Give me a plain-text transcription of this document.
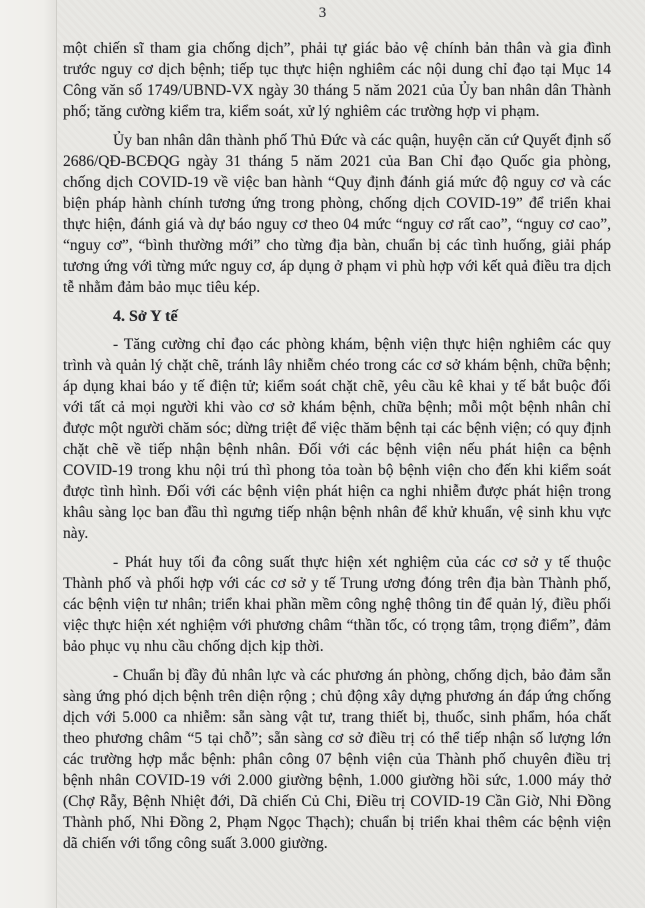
3

một chiến sĩ tham gia chống dịch”, phải tự giác bảo vệ chính bản thân và gia đình trước nguy cơ dịch bệnh; tiếp tục thực hiện nghiêm các nội dung chỉ đạo tại Mục 14 Công văn số 1749/UBND-VX ngày 30 tháng 5 năm 2021 của Ủy ban nhân dân Thành phố; tăng cường kiểm tra, kiểm soát, xử lý nghiêm các trường hợp vi phạm.

Ủy ban nhân dân thành phố Thủ Đức và các quận, huyện căn cứ Quyết định số 2686/QĐ-BCĐQG ngày 31 tháng 5 năm 2021 của Ban Chỉ đạo Quốc gia phòng, chống dịch COVID-19 về việc ban hành “Quy định đánh giá mức độ nguy cơ và các biện pháp hành chính tương ứng trong phòng, chống dịch COVID-19” để triển khai thực hiện, đánh giá và dự báo nguy cơ theo 04 mức “nguy cơ rất cao”, “nguy cơ cao”, “nguy cơ”, “bình thường mới” cho từng địa bàn, chuẩn bị các tình huống, giải pháp tương ứng với từng mức nguy cơ, áp dụng ở phạm vi phù hợp với kết quả điều tra dịch tễ nhằm đảm bảo mục tiêu kép.

4. Sở Y tế

- Tăng cường chỉ đạo các phòng khám, bệnh viện thực hiện nghiêm các quy trình và quản lý chặt chẽ, tránh lây nhiễm chéo trong các cơ sở khám bệnh, chữa bệnh; áp dụng khai báo y tế điện tử; kiểm soát chặt chẽ, yêu cầu kê khai y tế bắt buộc đối với tất cả mọi người khi vào cơ sở khám bệnh, chữa bệnh; mỗi một bệnh nhân chỉ được một người chăm sóc; dừng triệt để việc thăm bệnh tại các bệnh viện; có quy định chặt chẽ về tiếp nhận bệnh nhân. Đối với các bệnh viện nếu phát hiện ca bệnh COVID-19 trong khu nội trú thì phong tỏa toàn bộ bệnh viện cho đến khi kiểm soát được tình hình. Đối với các bệnh viện phát hiện ca nghi nhiễm được phát hiện trong khâu sàng lọc ban đầu thì ngưng tiếp nhận bệnh nhân để khử khuẩn, vệ sinh khu vực này.

- Phát huy tối đa công suất thực hiện xét nghiệm của các cơ sở y tế thuộc Thành phố và phối hợp với các cơ sở y tế Trung ương đóng trên địa bàn Thành phố, các bệnh viện tư nhân; triển khai phần mềm công nghệ thông tin để quản lý, điều phối việc thực hiện xét nghiệm với phương châm “thần tốc, có trọng tâm, trọng điểm”, đảm bảo phục vụ nhu cầu chống dịch kịp thời.

- Chuẩn bị đầy đủ nhân lực và các phương án phòng, chống dịch, bảo đảm sẵn sàng ứng phó dịch bệnh trên diện rộng ; chủ động xây dựng phương án đáp ứng chống dịch với 5.000 ca nhiễm: sẵn sàng vật tư, trang thiết bị, thuốc, sinh phẩm, hóa chất theo phương châm “5 tại chỗ”; sẵn sàng cơ sở điều trị có thể tiếp nhận số lượng lớn các trường hợp mắc bệnh: phân công 07 bệnh viện của Thành phố chuyên điều trị bệnh nhân COVID-19 với 2.000 giường bệnh, 1.000 giường hồi sức, 1.000 máy thở (Chợ Rẫy, Bệnh Nhiệt đới, Dã chiến Củ Chi, Điều trị COVID-19 Cần Giờ, Nhi Đồng Thành phố, Nhi Đồng 2, Phạm Ngọc Thạch); chuẩn bị triển khai thêm các bệnh viện dã chiến với tổng công suất 3.000 giường.
